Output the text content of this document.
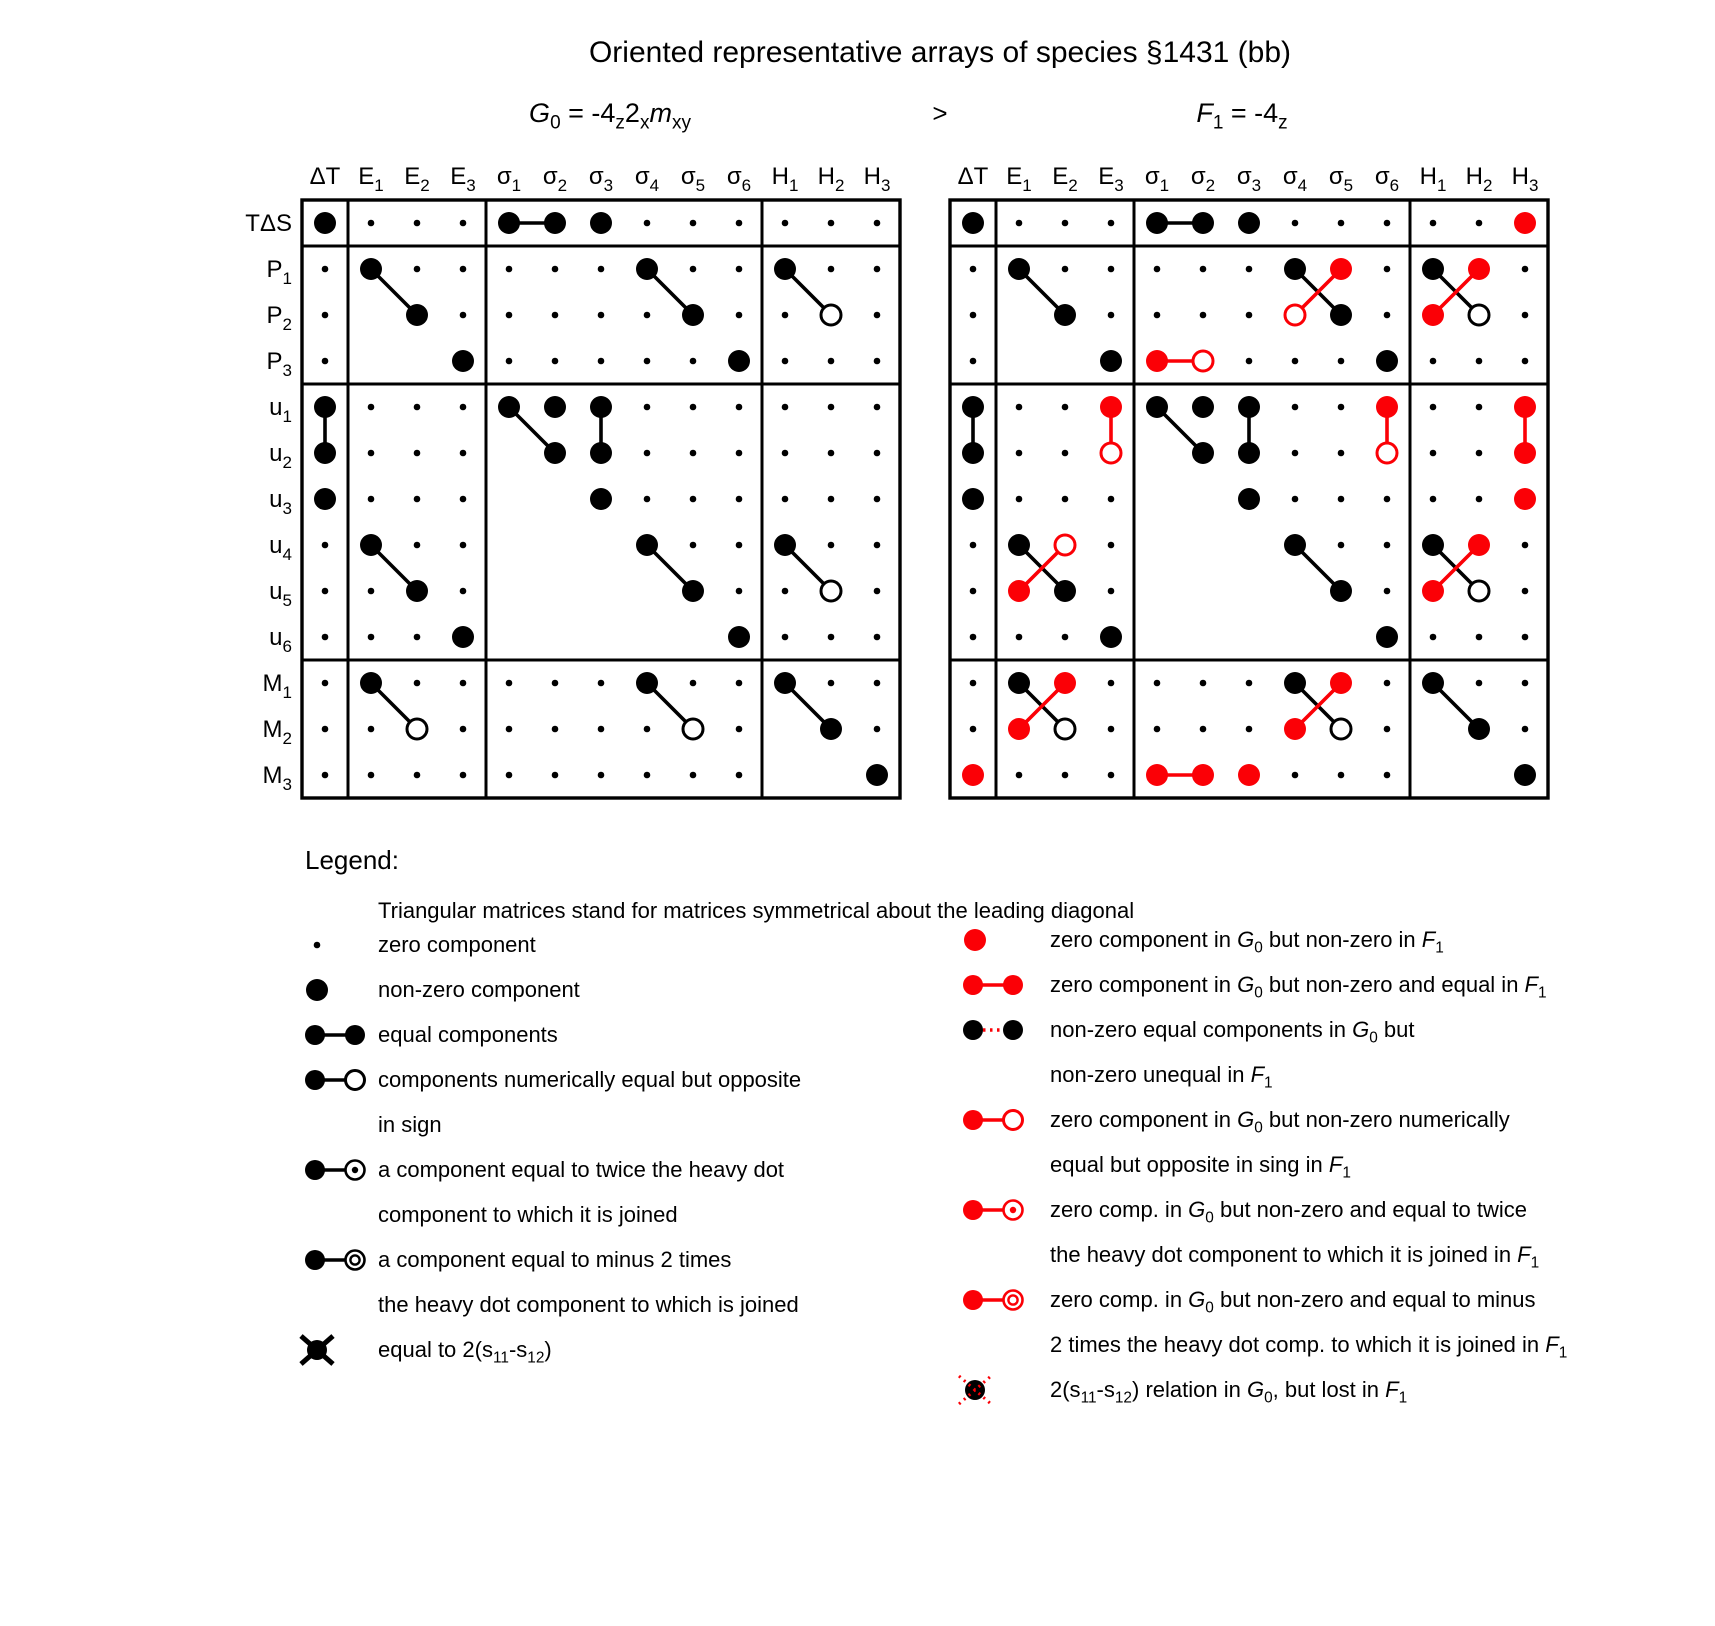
Oriented representative arrays of species §1431 (bb)
$G_0 = -4_z2_xm_{xy}$	>	$F_1 = -4_z$
ΔT E1 E2 E3 σ1 σ2 σ3 σ4 σ5 σ6 H1 H2 H3
TΔS
P1
P2
P3
u1
u2
u3
u4
u5
u6
M1
M2
M3
ΔT E1 E2 E3 σ1 σ2 σ3 σ4 σ5 σ6 H1 H2 H3
Legend:
Triangular matrices stand for matrices symmetrical about the leading diagonal
zero component
non-zero component
equal components
components numerically equal but opposite
in sign
a component equal to twice the heavy dot
component to which it is joined
a component equal to minus 2 times
the heavy dot component to which is joined
equal to $2(s_{11}-s_{12})$
zero component in $G_0$ but non-zero in $F_1$
zero component in $G_0$ but non-zero and equal in $F_1$
non-zero equal components in $G_0$ but
non-zero unequal in $F_1$
zero component in $G_0$ but non-zero numerically
equal but opposite in sing in $F_1$
zero comp. in $G_0$ but non-zero and equal to twice
the heavy dot component to which it is joined in $F_1$
zero comp. in $G_0$ but non-zero and equal to minus
2 times the heavy dot comp. to which it is joined in $F_1$
$2(s_{11}-s_{12})$ relation in $G_0$, but lost in $F_1$
